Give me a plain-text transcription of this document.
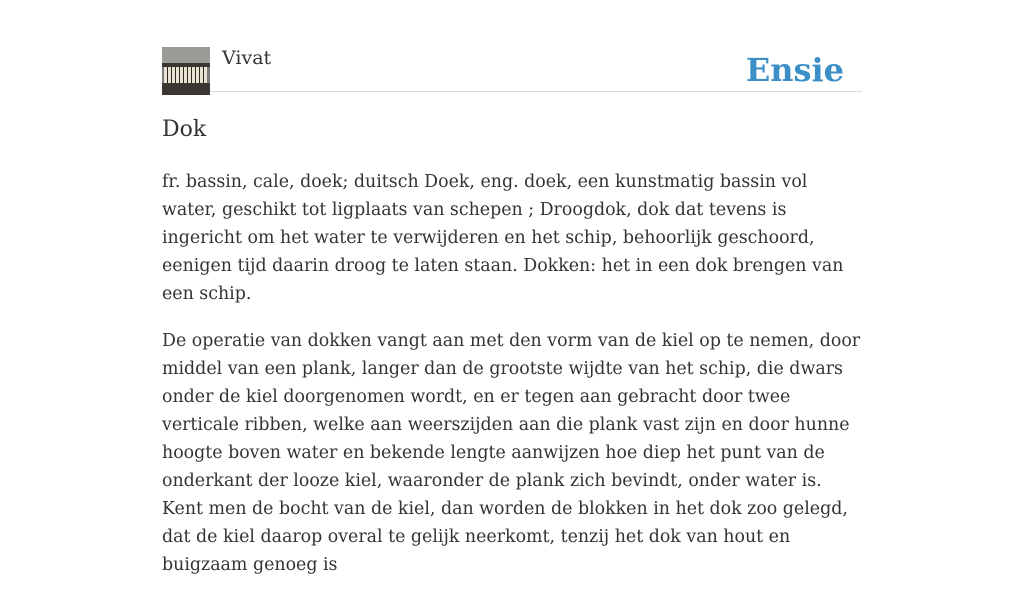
Vivat	Ensie
Dok

fr. bassin, cale, doek; duitsch Doek, eng. doek, een kunstmatig bassin vol water, geschikt tot ligplaats van schepen ; Droogdok, dok dat tevens is ingericht om het water te verwijderen en het schip, behoorlijk geschoord, eenigen tijd daarin droog te laten staan. Dokken: het in een dok brengen van een schip.

De operatie van dokken vangt aan met den vorm van de kiel op te nemen, door middel van een plank, langer dan de grootste wijdte van het schip, die dwars onder de kiel doorgenomen wordt, en er tegen aan gebracht door twee verticale ribben, welke aan weerszijden aan die plank vast zijn en door hunne hoogte boven water en bekende lengte aanwijzen hoe diep het punt van de onderkant der looze kiel, waaronder de plank zich bevindt, onder water is. Kent men de bocht van de kiel, dan worden de blokken in het dok zoo gelegd, dat de kiel daarop overal te gelijk neerkomt, tenzij het dok van hout en buigzaam genoeg is
